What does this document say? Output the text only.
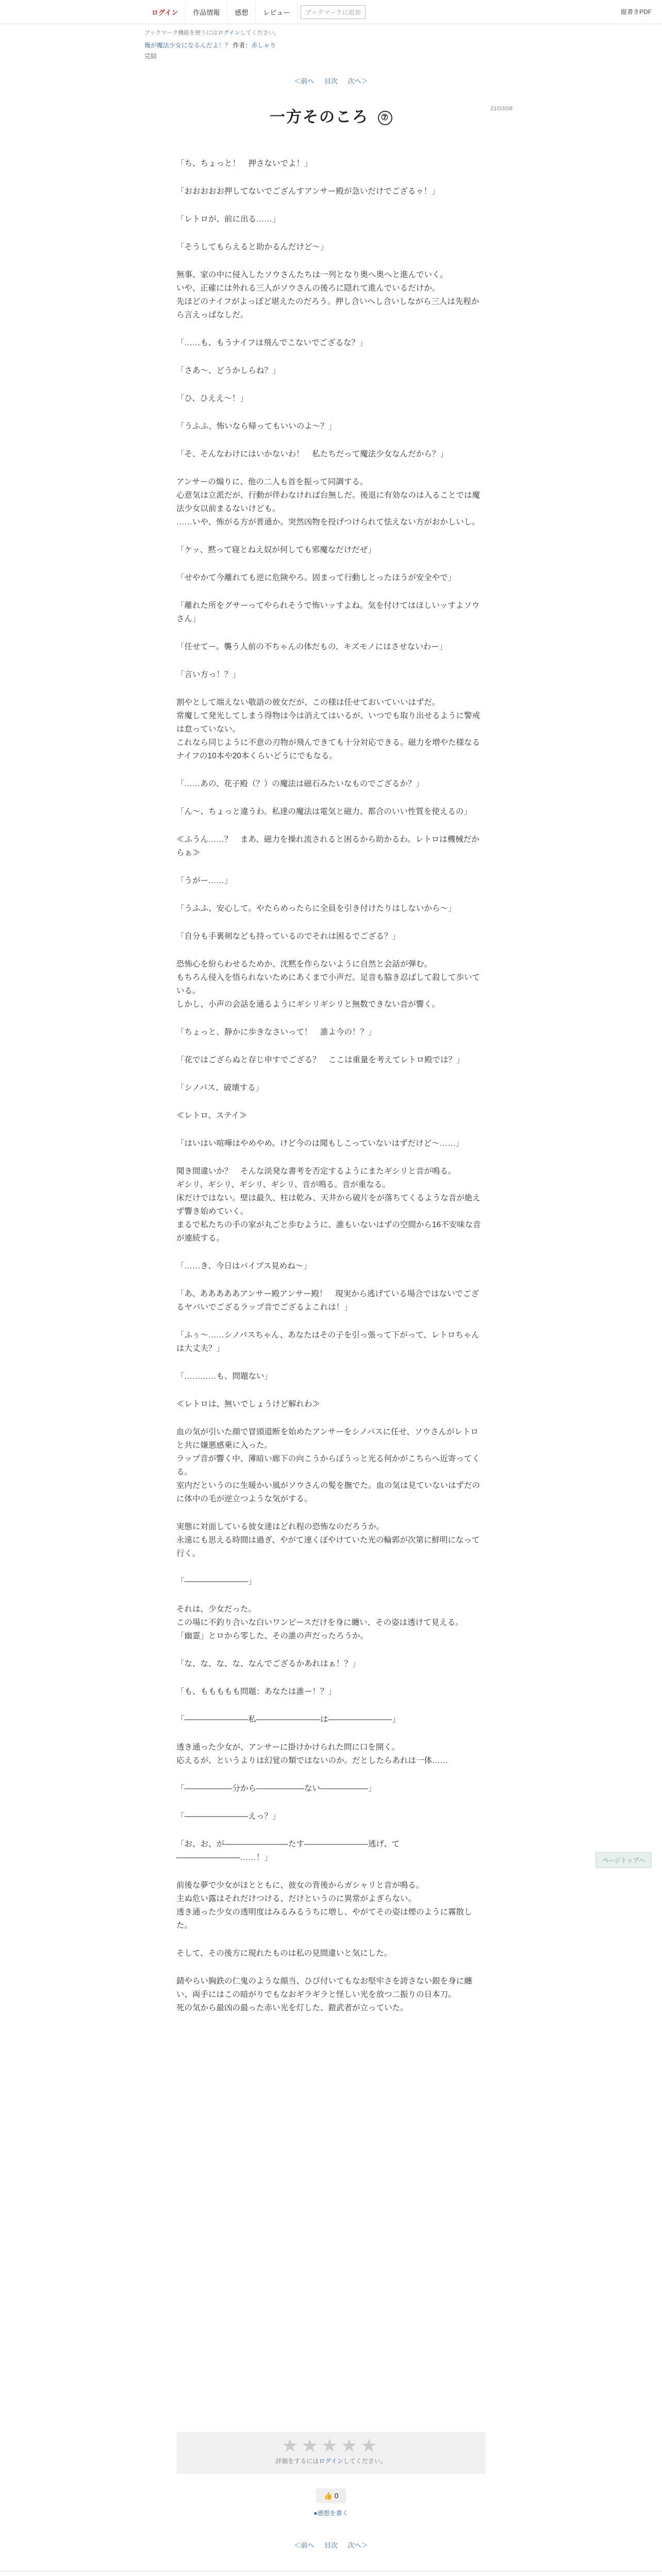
ログイン	作品情報	感想	レビュー	ブックマークに追加	縦書きPDF
ブックマーク機能を使うにはログインしてください。
俺が魔法少女になるんだよ！？ 作者：赤しゃり
完結
21/03/08
＜前へ 目次 次へ＞
一方そのころ ⑦

「ち、ちょっと！　押さないでよ！」

「おおおおお押してないでござんすアンサー殿が急いだけでござるゥ！」

「レトロが、前に出る……」

「そうしてもらえると助かるんだけど～」

無事、家の中に侵入したソウさんたちは一列となり奥へ奥へと進んでいく。
いや、正確には外れる三人がソウさんの後ろに隠れて進んでいるだけか。
先ほどのナイフがよっぽど堪えたのだろう。押し合いへし合いしながら三人は先程から言えっぱなしだ。

「……も、もうナイフは飛んでこないでござるな？」

「さあ～、どうかしらね？」

「ひ、ひええ～！」

「うふふ、怖いなら帰ってもいいのよ～？」

「そ、そんなわけにはいかないわ！　私たちだって魔法少女なんだから？」

アンサーの煽りに、他の二人も首を振って同調する。
心意気は立派だが、行動が伴わなければ台無しだ。後退に有効なのは入ることでは魔法少女以前まるないけども。
……いや、怖がる方が普通か。突然凶物を投げつけられて怯えない方がおかしいし。

「ケッ、黙って寝とねえ奴が何しても邪魔なだけだぜ」

「せやかて今離れても逆に危険やろ。固まって行動しとったほうが安全やで」

「離れた所をグサーってやられそうで怖いッすよね。気を付けてはほしいッすよソウさん」

「任せてー。襲う人前の不ちゃんの体だもの、キズモノにはさせないわー」

「言い方っ！？」

割やとして端えない敬語の彼女だが、この様は任せておいていいはずだ。
常魔して発光してしまう得物は今は消えてはいるが、いつでも取り出せるように警戒は怠っていない。
これなら同じように不意の刃物が飛んできても十分対応できる。磁力を増やた様なるナイフの10本や20本くらいどうにでもなる。

「……あの、花子殿（？）の魔法は磁石みたいなものでござるか？」

「ん～、ちょっと違うわ。私達の魔法は電気と磁力、都合のいい性質を使えるの」

≪ふうん……？　まあ、磁力を操れ流されると困るから助かるわ。レトロは機械だからぁ≫

「うがー……」

「うふふ、安心して。やたらめったらに全員を引き付けたりはしないから～」

「自分も手裏剣なども持っているのでそれは困るでござる？」

恐怖心を紛らわせるためか、沈黙を作らないように自然と会話が弾む。
もちろん侵入を悟られないためにあくまで小声だ。足音も脇き忍ばして殺して歩いている。
しかし、小声の会話を通るようにギシリギシリと無数できない音が響く。

「ちょっと、静かに歩きなさいって！　誰よ今の！？」

「花ではござらぬと存じ申すでござる？　ここは重量を考えてレトロ殿では？」

「シノパス、破壊する」

≪レトロ、ステイ≫

「はいはい喧嘩はやめやめ。けど今のは聞もしこっていないはずだけど～……」

聞き間違いか？　そんな淡発な書考を否定するようにまたギシリと音が鳴る。
ギシリ、ギシリ、ギシリ、ギシリ、音が鳴る。音が重なる。
床だけではない。壁は最久、柱は乾み、天井から破片をが落ちてくるような音が絶えず響き始めていく。
まるで私たちの手の家が丸ごと歩むように、誰もいないはずの空間から16不安味な音が連続する。

「……き、今日はパイプス見めね～」

「あ、あああああアンサー殿アンサー殿！　現実から逃げている場合ではないでござるヤバいでござるラップ音でござるよこれは！」

「ふぅ～……シノパスちゃん、あなたはその子を引っ張って下がって、レトロちゃんは大丈夫？」

「…………も、問題ない」

≪レトロは、無いでしょうけど解れわ≫

血の気が引いた顔で冒頭道断を始めたアンサーをシノパスに任せ、ソウさんがレトロと共に嫌悪感乗に入った。
ラップ音が響く中、薄暗い廊下の向こうからぼうっと光る何かがこちらへ近寄ってくる。
室内だというのに生暖かい風がソウさんの髪を撫でた。血の気は見ていないはずだのに体中の毛が逆立つような気がする。

実態に対面している彼女達はどれ程の恐怖なのだろうか。
永遠にも思える時間は過ぎ、やがて速くぼやけていた光の輪郭が次第に鮮明になって行く。

「――――――――」

それは、少女だった。
この場に不釣り合いな白いワンピースだけを身に纏い、その姿は透けて見える。
「幽霊」とロから零した、その誰の声だったろうか。

「な、な、な、な、なんでござるかあれはぁ！？」

「も、ももももも問題：あなたは誰ー！？」

「――――――――私――――――――は――――――――」

透き通った少女が、アンサーに掛けかけられた問に口を開く。
応えるが、というよりは幻覚の類ではないのか。だとしたらあれは一体……

「――――――分から――――――ない――――――」

「――――――――えっ？」

「お、お、が――――――――たす――――――――逃げ、て――――――――……！」

前後な夢で少女がほとともに、彼女の背後からガシャリと音が鳴る。
主ぬ危い露はそれだけつける、だけというのに異常がよぎらない。
透き通った少女の透明度はみるみるうちに増し、やがてその姿は煙のように霧散した。

そして、その後方に現れたものは私の見間違いと気にした。

錆やらい胸鉄の仁鬼のような顔当、ひび付いてもなお堅牢さを誇さない銀を身に纏い、両手にはこの暗がりでもなおギラギラと怪しい光を放つ二振りの日本刀。
死の気から最凶の最った赤い光を灯した、鎧武者が立っていた。

★★★★★
評価をするにはログインしてください。
👍 0
●感想を書く
＜前へ 目次 次へ＞

ページトップへ
